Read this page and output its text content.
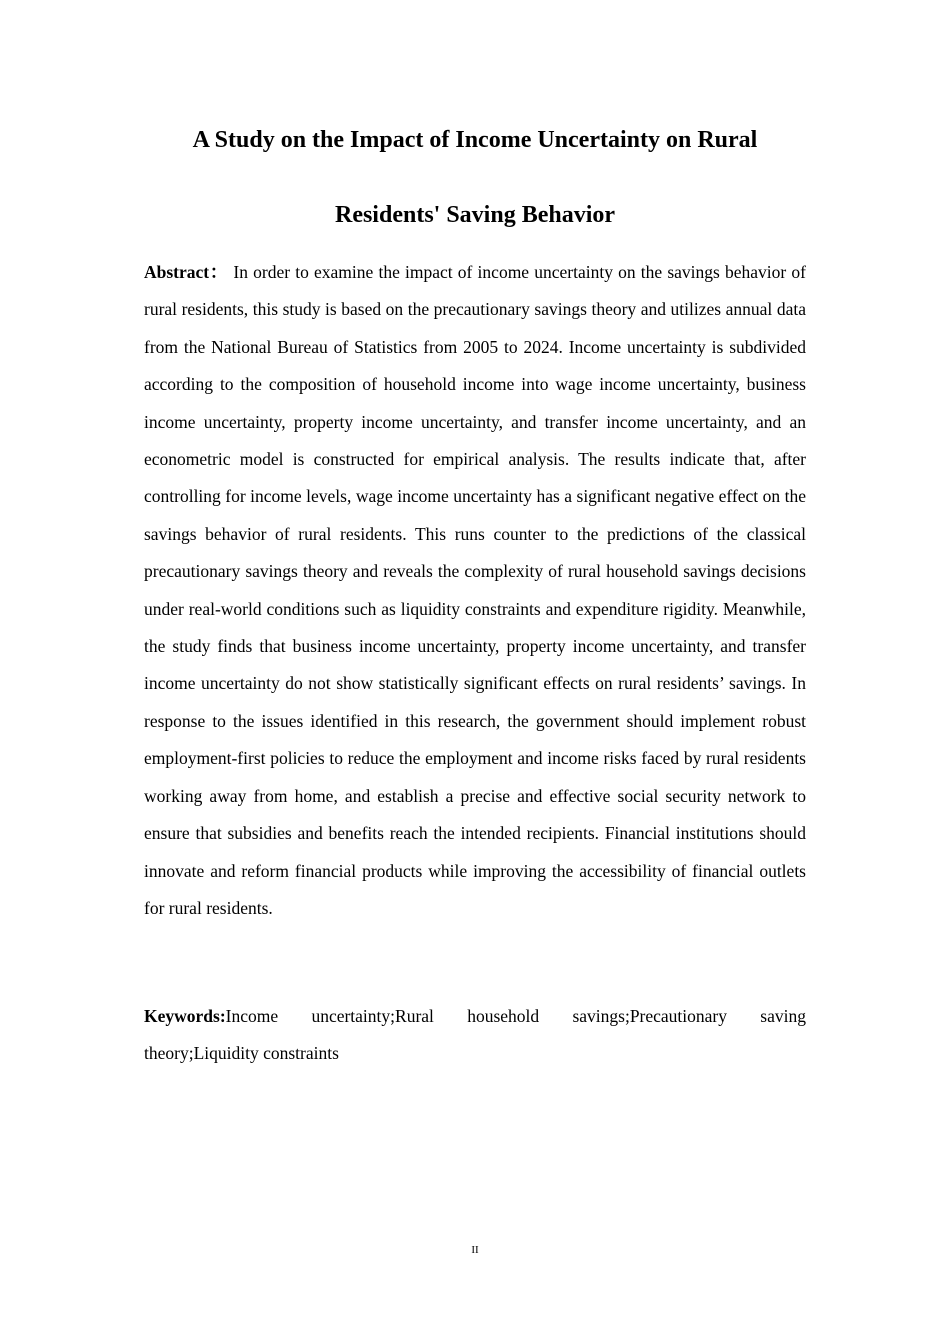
A Study on the Impact of Income Uncertainty on Rural
Residents' Saving Behavior

Abstract： In order to examine the impact of income uncertainty on the savings behavior of rural residents, this study is based on the precautionary savings theory and utilizes annual data from the National Bureau of Statistics from 2005 to 2024. Income uncertainty is subdivided according to the composition of household income into wage income uncertainty, business income uncertainty, property income uncertainty, and transfer income uncertainty, and an econometric model is constructed for empirical analysis. The results indicate that, after controlling for income levels, wage income uncertainty has a significant negative effect on the savings behavior of rural residents. This runs counter to the predictions of the classical precautionary savings theory and reveals the complexity of rural household savings decisions under real-world conditions such as liquidity constraints and expenditure rigidity. Meanwhile, the study finds that business income uncertainty, property income uncertainty, and transfer income uncertainty do not show statistically significant effects on rural residents’ savings. In response to the issues identified in this research, the government should implement robust employment-first policies to reduce the employment and income risks faced by rural residents working away from home, and establish a precise and effective social security network to ensure that subsidies and benefits reach the intended recipients. Financial institutions should innovate and reform financial products while improving the accessibility of financial outlets for rural residents.

Keywords:Income uncertainty;Rural household savings;Precautionary saving theory;Liquidity constraints

II
